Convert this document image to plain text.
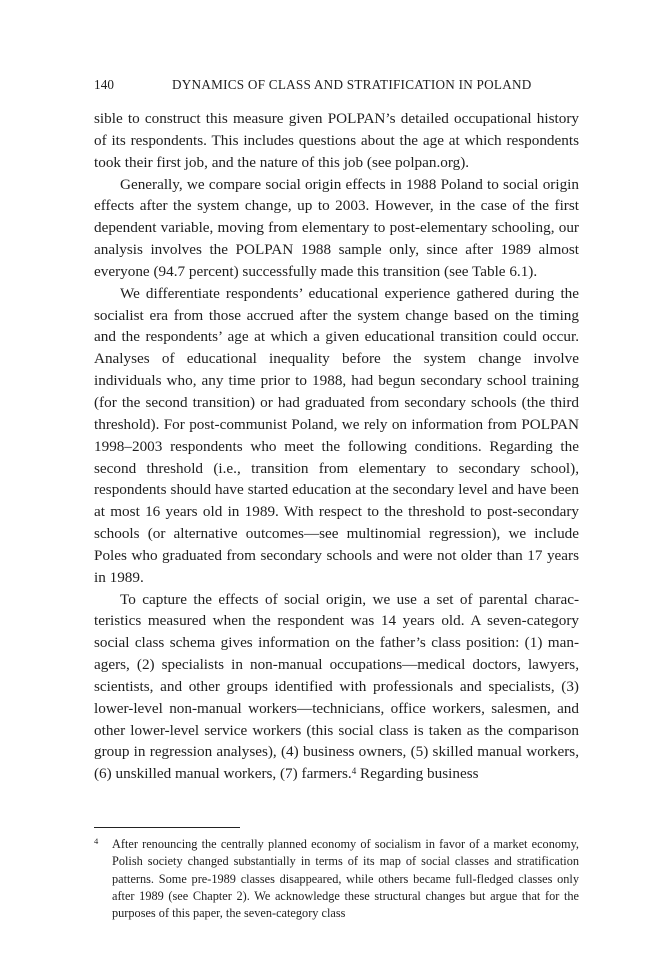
140	DYNAMICS OF CLASS AND STRATIFICATION IN POLAND

sible to construct this measure given POLPAN’s detailed occupational history of its respondents. This includes questions about the age at which respondents took their first job, and the nature of this job (see polpan.org).

Generally, we compare social origin effects in 1988 Poland to social origin effects after the system change, up to 2003. However, in the case of the first dependent variable, moving from elementary to post-elementary schooling, our analysis involves the POLPAN 1988 sample only, since after 1989 almost everyone (94.7 percent) successfully made this transition (see Table 6.1).

We differentiate respondents’ educational experience gathered during the socialist era from those accrued after the system change based on the timing and the respondents’ age at which a given educational transition could occur. Analyses of educational inequality before the system change involve individuals who, any time prior to 1988, had begun secondary school training (for the second transition) or had graduated from secondary schools (the third threshold). For post-communist Poland, we rely on information from POLPAN 1998–2003 respondents who meet the following conditions. Regarding the second threshold (i.e., transition from elementary to secondary school), respondents should have started education at the secondary level and have been at most 16 years old in 1989. With respect to the threshold to post-secondary schools (or alternative outcomes—see multinomial regression), we include Poles who graduated from secondary schools and were not older than 17 years in 1989.

To capture the effects of social origin, we use a set of parental characteristics measured when the respondent was 14 years old. A seven-category social class schema gives information on the father’s class position: (1) managers, (2) specialists in non-manual occupations—medical doctors, lawyers, scientists, and other groups identified with professionals and specialists, (3) lower-level non-manual workers—technicians, office workers, salesmen, and other lower-level service workers (this social class is taken as the comparison group in regression analyses), (4) business owners, (5) skilled manual workers, (6) unskilled manual workers, (7) farmers.$^4$ Regarding business

4 After renouncing the centrally planned economy of socialism in favor of a market economy, Polish society changed substantially in terms of its map of social classes and stratification patterns. Some pre-1989 classes disappeared, while others became full-fledged classes only after 1989 (see Chapter 2). We acknowledge these structural changes but argue that for the purposes of this paper, the seven-category class
